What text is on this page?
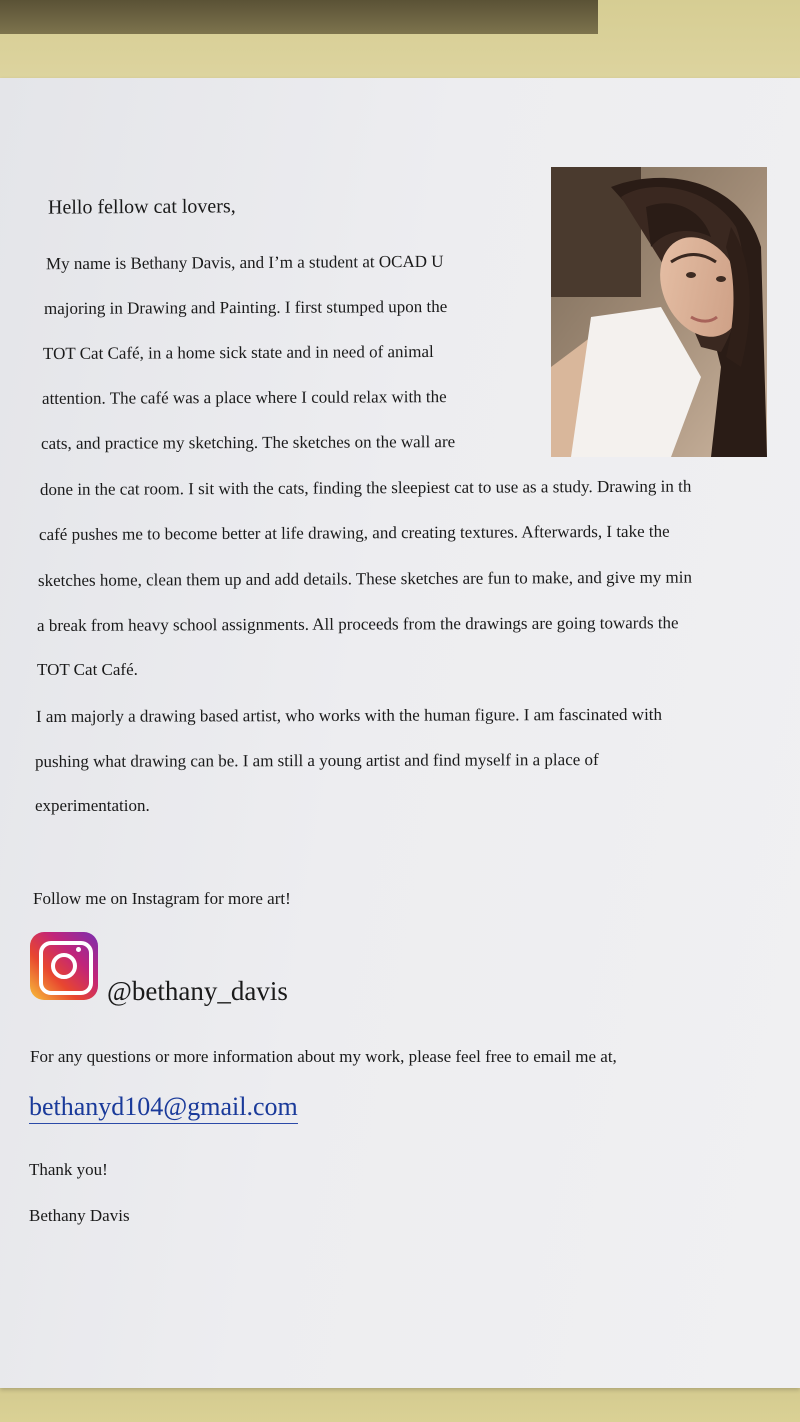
Hello fellow cat lovers,
My name is Bethany Davis, and I’m a student at OCAD U
majoring in Drawing and Painting. I first stumped upon the
TOT Cat Café, in a home sick state and in need of animal
attention. The café was a place where I could relax with the
cats, and practice my sketching. The sketches on the wall are
done in the cat room. I sit with the cats, finding the sleepiest cat to use as a study. Drawing in th
café pushes me to become better at life drawing, and creating textures. Afterwards, I take the
sketches home, clean them up and add details. These sketches are fun to make, and give my min
a break from heavy school assignments. All proceeds from the drawings are going towards the
TOT Cat Café.
I am majorly a drawing based artist, who works with the human figure. I am fascinated with
pushing what drawing can be. I am still a young artist and find myself in a place of
experimentation.
Follow me on Instagram for more art!
@bethany_davis
For any questions or more information about my work, please feel free to email me at,
bethanyd104@gmail.com
Thank you!
Bethany Davis
